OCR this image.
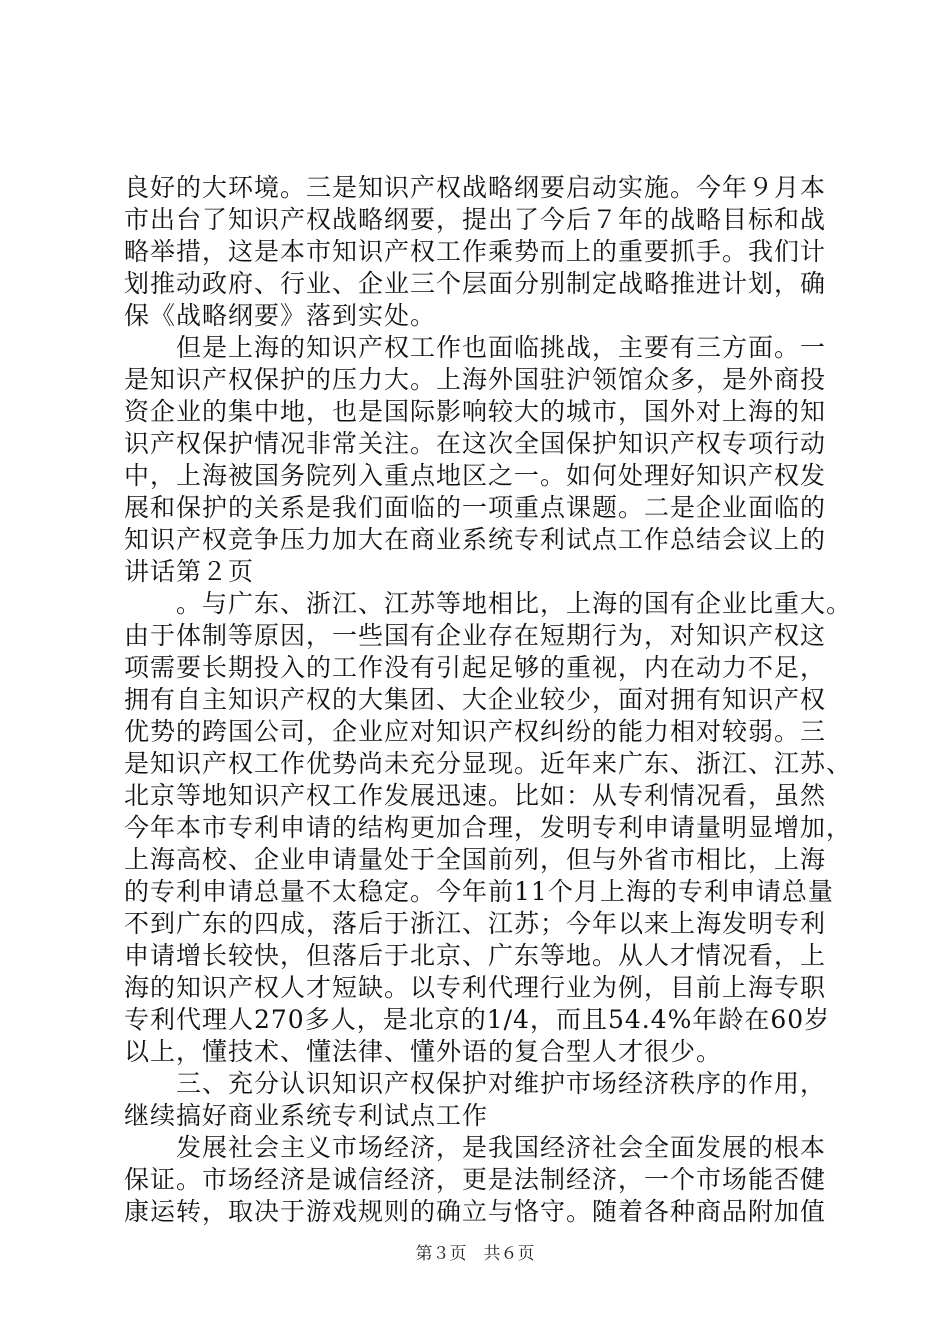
良好的大环境。三是知识产权战略纲要启动实施。今年９月本
市出台了知识产权战略纲要，提出了今后７年的战略目标和战
略举措，这是本市知识产权工作乘势而上的重要抓手。我们计
划推动政府、行业、企业三个层面分别制定战略推进计划，确
保《战略纲要》落到实处。
　　但是上海的知识产权工作也面临挑战，主要有三方面。一
是知识产权保护的压力大。上海外国驻沪领馆众多，是外商投
资企业的集中地，也是国际影响较大的城市，国外对上海的知
识产权保护情况非常关注。在这次全国保护知识产权专项行动
中，上海被国务院列入重点地区之一。如何处理好知识产权发
展和保护的关系是我们面临的一项重点课题。二是企业面临的
知识产权竞争压力加大在商业系统专利试点工作总结会议上的
讲话第２页
　　。与广东、浙江、江苏等地相比，上海的国有企业比重大。
由于体制等原因，一些国有企业存在短期行为，对知识产权这
项需要长期投入的工作没有引起足够的重视，内在动力不足，
拥有自主知识产权的大集团、大企业较少，面对拥有知识产权
优势的跨国公司，企业应对知识产权纠纷的能力相对较弱。三
是知识产权工作优势尚未充分显现。近年来广东、浙江、江苏、
北京等地知识产权工作发展迅速。比如：从专利情况看，虽然
今年本市专利申请的结构更加合理，发明专利申请量明显增加，
上海高校、企业申请量处于全国前列，但与外省市相比，上海
的专利申请总量不太稳定。今年前11个月上海的专利申请总量
不到广东的四成，落后于浙江、江苏；今年以来上海发明专利
申请增长较快，但落后于北京、广东等地。从人才情况看，上
海的知识产权人才短缺。以专利代理行业为例，目前上海专职
专利代理人270多人，是北京的1/4，而且54.4%年龄在60岁
以上，懂技术、懂法律、懂外语的复合型人才很少。
　　三、充分认识知识产权保护对维护市场经济秩序的作用，
继续搞好商业系统专利试点工作
　　发展社会主义市场经济，是我国经济社会全面发展的根本
保证。市场经济是诚信经济，更是法制经济，一个市场能否健
康运转，取决于游戏规则的确立与恪守。随着各种商品附加值
第３页　共６页
